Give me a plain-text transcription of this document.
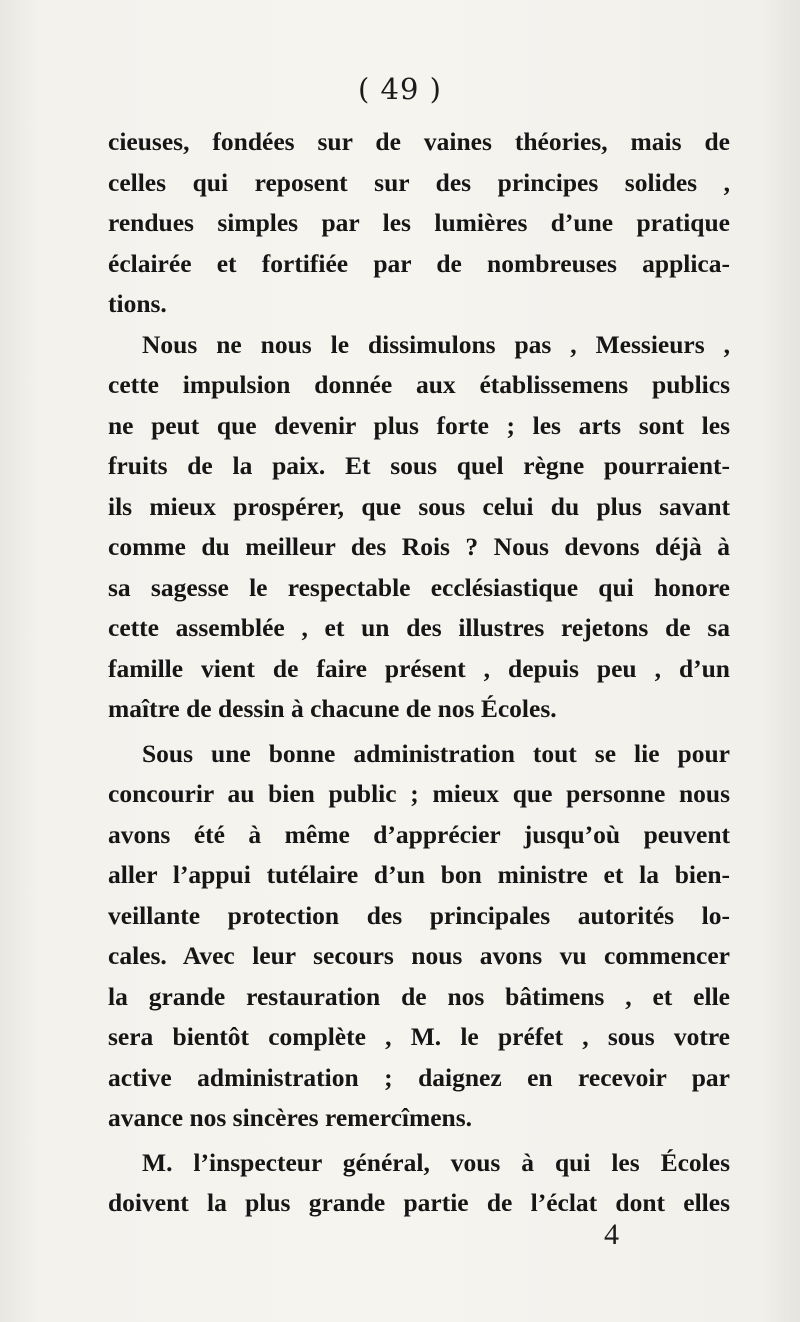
( 49 )
cieuses, fondées sur de vaines théories, mais de
celles qui reposent sur des principes solides ,
rendues simples par les lumières d’une pratique
éclairée et fortifiée par de nombreuses applica-
tions.
Nous ne nous le dissimulons pas , Messieurs ,
cette impulsion donnée aux établissemens publics
ne peut que devenir plus forte ; les arts sont les
fruits de la paix. Et sous quel règne pourraient-
ils mieux prospérer, que sous celui du plus savant
comme du meilleur des Rois ? Nous devons déjà à
sa sagesse le respectable ecclésiastique qui honore
cette assemblée , et un des illustres rejetons de sa
famille vient de faire présent , depuis peu , d’un
maître de dessin à chacune de nos Écoles.
Sous une bonne administration tout se lie pour
concourir au bien public ; mieux que personne nous
avons été à même d’apprécier jusqu’où peuvent
aller l’appui tutélaire d’un bon ministre et la bien-
veillante protection des principales autorités lo-
cales. Avec leur secours nous avons vu commencer
la grande restauration de nos bâtimens , et elle
sera bientôt complète , M. le préfet , sous votre
active administration ; daignez en recevoir par
avance nos sincères remercîmens.
M. l’inspecteur général, vous à qui les Écoles
doivent la plus grande partie de l’éclat dont elles
4
